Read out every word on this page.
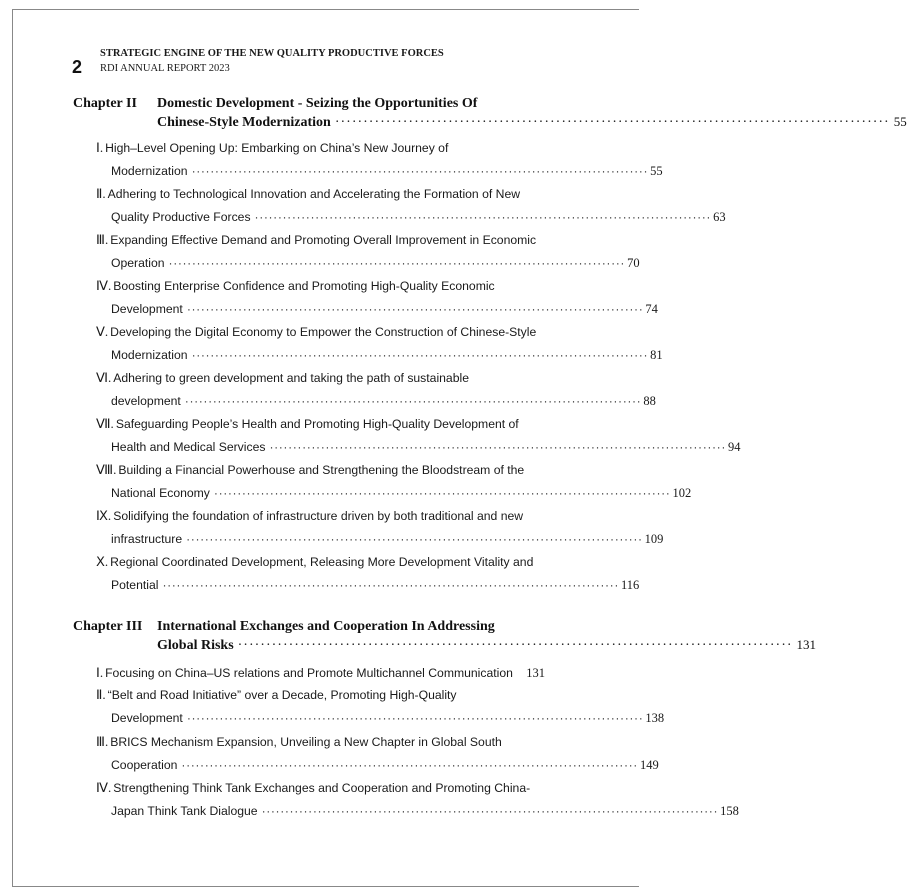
2
STRATEGIC ENGINE OF THE NEW QUALITY PRODUCTIVE FORCES
RDI ANNUAL REPORT 2023
Chapter II Domestic Development - Seizing the Opportunities Of
Chinese-Style Modernization ·································································································· 55
Ⅰ. High–Level Opening Up: Embarking on China’s New Journey of
Modernization ·································································································· 55
Ⅱ. Adhering to Technological Innovation and Accelerating the Formation of New
Quality Productive Forces ·································································································· 63
Ⅲ. Expanding Effective Demand and Promoting Overall Improvement in Economic
Operation ·································································································· 70
Ⅳ. Boosting Enterprise Confidence and Promoting High-Quality Economic
Development ·································································································· 74
Ⅴ. Developing the Digital Economy to Empower the Construction of Chinese-Style
Modernization ·································································································· 81
Ⅵ. Adhering to green development and taking the path of sustainable
development ·································································································· 88
Ⅶ. Safeguarding People’s Health and Promoting High-Quality Development of
Health and Medical Services ·································································································· 94
Ⅷ. Building a Financial Powerhouse and Strengthening the Bloodstream of the
National Economy ·································································································· 102
Ⅸ. Solidifying the foundation of infrastructure driven by both traditional and new
infrastructure ·································································································· 109
Ⅹ. Regional Coordinated Development, Releasing More Development Vitality and
Potential ·································································································· 116
Chapter III International Exchanges and Cooperation In Addressing
Global Risks ·································································································· 131
Ⅰ. Focusing on China–US relations and Promote Multichannel Communication 131
Ⅱ. “Belt and Road Initiative” over a Decade, Promoting High-Quality
Development ·································································································· 138
Ⅲ. BRICS Mechanism Expansion, Unveiling a New Chapter in Global South
Cooperation ·································································································· 149
Ⅳ. Strengthening Think Tank Exchanges and Cooperation and Promoting China-
Japan Think Tank Dialogue ·································································································· 158
